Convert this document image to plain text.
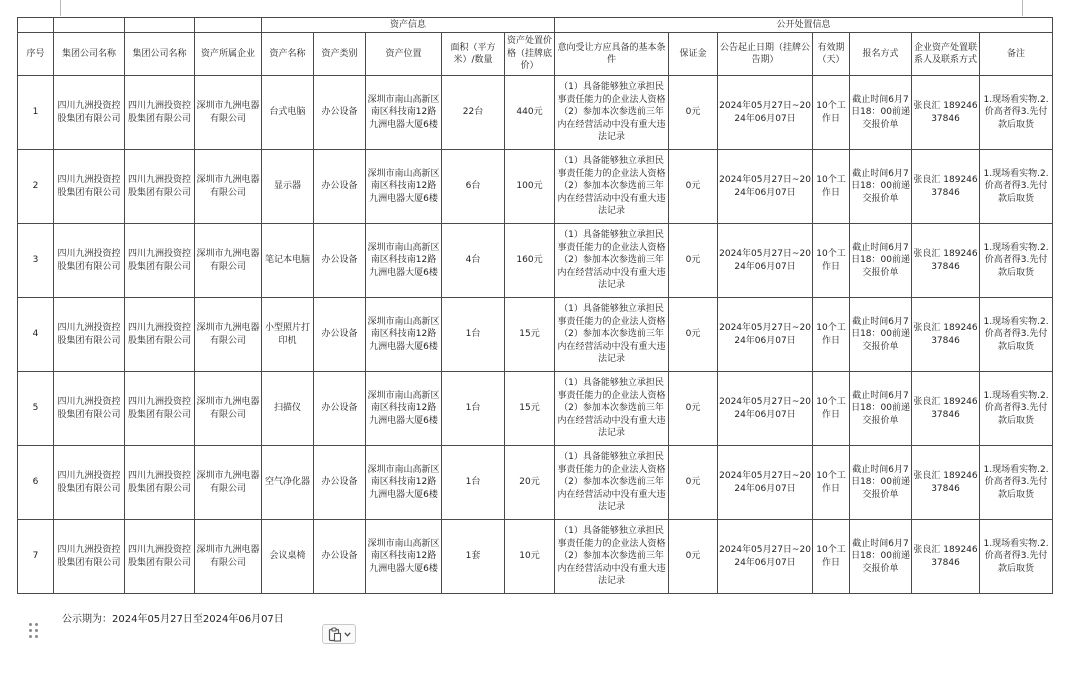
				资产信息					公开处置信息						
序号	集团公司名称	集团公司名称	资产所属企业	资产名称	资产类别	资产位置	面积（平方米）/数量	资产处置价格（挂牌底价）	意向受让方应具备的基本条件	保证金	公告起止日期（挂牌公告期）	有效期（天）	报名方式	企业资产处置联系人及联系方式	备注
1	四川九洲投资控股集团有限公司	四川九洲投资控股集团有限公司	深圳市九洲电器有限公司	台式电脑	办公设备	深圳市南山高新区南区科技南12路九洲电器大厦6楼	22台	440元	（1）具备能够独立承担民事责任能力的企业法人资格（2）参加本次参选前三年内在经营活动中没有重大违法记录	0元	2024年05月27日~2024年06月07日	10个工作日	截止时间6月7日18：00前递交报价单	张良汇 18924637846	1.现场看实物.2.价高者得3.先付款后取货
2	四川九洲投资控股集团有限公司	四川九洲投资控股集团有限公司	深圳市九洲电器有限公司	显示器	办公设备	深圳市南山高新区南区科技南12路九洲电器大厦6楼	6台	100元	（1）具备能够独立承担民事责任能力的企业法人资格（2）参加本次参选前三年内在经营活动中没有重大违法记录	0元	2024年05月27日~2024年06月07日	10个工作日	截止时间6月7日18：00前递交报价单	张良汇 18924637846	1.现场看实物.2.价高者得3.先付款后取货
3	四川九洲投资控股集团有限公司	四川九洲投资控股集团有限公司	深圳市九洲电器有限公司	笔记本电脑	办公设备	深圳市南山高新区南区科技南12路九洲电器大厦6楼	4台	160元	（1）具备能够独立承担民事责任能力的企业法人资格（2）参加本次参选前三年内在经营活动中没有重大违法记录	0元	2024年05月27日~2024年06月07日	10个工作日	截止时间6月7日18：00前递交报价单	张良汇 18924637846	1.现场看实物.2.价高者得3.先付款后取货
4	四川九洲投资控股集团有限公司	四川九洲投资控股集团有限公司	深圳市九洲电器有限公司	小型照片打印机	办公设备	深圳市南山高新区南区科技南12路九洲电器大厦6楼	1台	15元	（1）具备能够独立承担民事责任能力的企业法人资格（2）参加本次参选前三年内在经营活动中没有重大违法记录	0元	2024年05月27日~2024年06月07日	10个工作日	截止时间6月7日18：00前递交报价单	张良汇 18924637846	1.现场看实物.2.价高者得3.先付款后取货
5	四川九洲投资控股集团有限公司	四川九洲投资控股集团有限公司	深圳市九洲电器有限公司	扫描仪	办公设备	深圳市南山高新区南区科技南12路九洲电器大厦6楼	1台	15元	（1）具备能够独立承担民事责任能力的企业法人资格（2）参加本次参选前三年内在经营活动中没有重大违法记录	0元	2024年05月27日~2024年06月07日	10个工作日	截止时间6月7日18：00前递交报价单	张良汇 18924637846	1.现场看实物.2.价高者得3.先付款后取货
6	四川九洲投资控股集团有限公司	四川九洲投资控股集团有限公司	深圳市九洲电器有限公司	空气净化器	办公设备	深圳市南山高新区南区科技南12路九洲电器大厦6楼	1台	20元	（1）具备能够独立承担民事责任能力的企业法人资格（2）参加本次参选前三年内在经营活动中没有重大违法记录	0元	2024年05月27日~2024年06月07日	10个工作日	截止时间6月7日18：00前递交报价单	张良汇 18924637846	1.现场看实物.2.价高者得3.先付款后取货
7	四川九洲投资控股集团有限公司	四川九洲投资控股集团有限公司	深圳市九洲电器有限公司	会议桌椅	办公设备	深圳市南山高新区南区科技南12路九洲电器大厦6楼	1套	10元	（1）具备能够独立承担民事责任能力的企业法人资格（2）参加本次参选前三年内在经营活动中没有重大违法记录	0元	2024年05月27日~2024年06月07日	10个工作日	截止时间6月7日18：00前递交报价单	张良汇 18924637846	1.现场看实物.2.价高者得3.先付款后取货
公示期为：2024年05月27日至2024年06月07日
